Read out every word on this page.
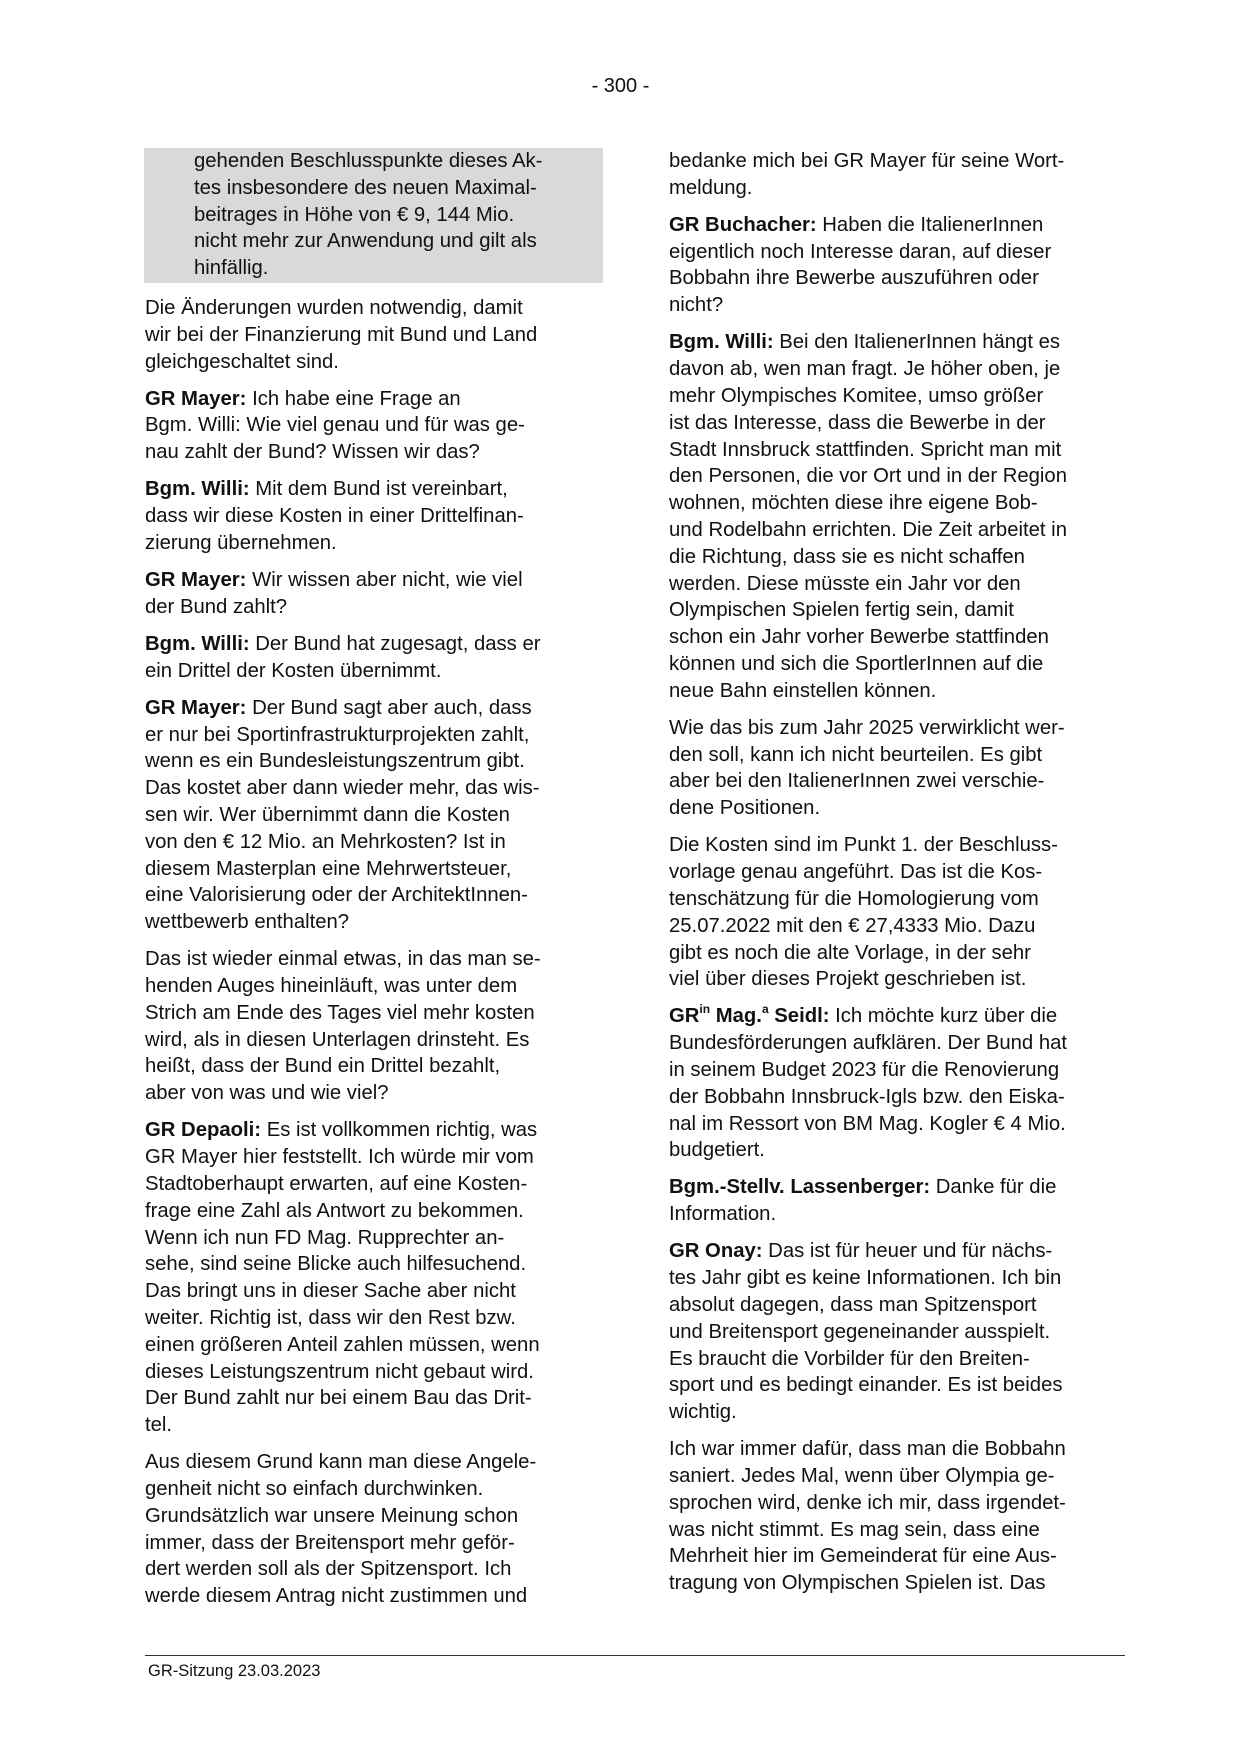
- 300 -
gehenden Beschlusspunkte dieses Ak-
tes insbesondere des neuen Maximal-
beitrages in Höhe von € 9, 144 Mio.
nicht mehr zur Anwendung und gilt als
hinfällig.

Die Änderungen wurden notwendig, damit
wir bei der Finanzierung mit Bund und Land
gleichgeschaltet sind.

GR Mayer: Ich habe eine Frage an
Bgm. Willi: Wie viel genau und für was ge-
nau zahlt der Bund? Wissen wir das?

Bgm. Willi: Mit dem Bund ist vereinbart,
dass wir diese Kosten in einer Drittelfinan-
zierung übernehmen.

GR Mayer: Wir wissen aber nicht, wie viel
der Bund zahlt?

Bgm. Willi: Der Bund hat zugesagt, dass er
ein Drittel der Kosten übernimmt.

GR Mayer: Der Bund sagt aber auch, dass
er nur bei Sportinfrastrukturprojekten zahlt,
wenn es ein Bundesleistungszentrum gibt.
Das kostet aber dann wieder mehr, das wis-
sen wir. Wer übernimmt dann die Kosten
von den € 12 Mio. an Mehrkosten? Ist in
diesem Masterplan eine Mehrwertsteuer,
eine Valorisierung oder der ArchitektInnen-
wettbewerb enthalten?

Das ist wieder einmal etwas, in das man se-
henden Auges hineinläuft, was unter dem
Strich am Ende des Tages viel mehr kosten
wird, als in diesen Unterlagen drinsteht. Es
heißt, dass der Bund ein Drittel bezahlt,
aber von was und wie viel?

GR Depaoli: Es ist vollkommen richtig, was
GR Mayer hier feststellt. Ich würde mir vom
Stadtoberhaupt erwarten, auf eine Kosten-
frage eine Zahl als Antwort zu bekommen.
Wenn ich nun FD Mag. Rupprechter an-
sehe, sind seine Blicke auch hilfesuchend.
Das bringt uns in dieser Sache aber nicht
weiter. Richtig ist, dass wir den Rest bzw.
einen größeren Anteil zahlen müssen, wenn
dieses Leistungszentrum nicht gebaut wird.
Der Bund zahlt nur bei einem Bau das Drit-
tel.

Aus diesem Grund kann man diese Angele-
genheit nicht so einfach durchwinken.
Grundsätzlich war unsere Meinung schon
immer, dass der Breitensport mehr geför-
dert werden soll als der Spitzensport. Ich
werde diesem Antrag nicht zustimmen und

bedanke mich bei GR Mayer für seine Wort-
meldung.

GR Buchacher: Haben die ItalienerInnen
eigentlich noch Interesse daran, auf dieser
Bobbahn ihre Bewerbe auszuführen oder
nicht?

Bgm. Willi: Bei den ItalienerInnen hängt es
davon ab, wen man fragt. Je höher oben, je
mehr Olympisches Komitee, umso größer
ist das Interesse, dass die Bewerbe in der
Stadt Innsbruck stattfinden. Spricht man mit
den Personen, die vor Ort und in der Region
wohnen, möchten diese ihre eigene Bob-
und Rodelbahn errichten. Die Zeit arbeitet in
die Richtung, dass sie es nicht schaffen
werden. Diese müsste ein Jahr vor den
Olympischen Spielen fertig sein, damit
schon ein Jahr vorher Bewerbe stattfinden
können und sich die SportlerInnen auf die
neue Bahn einstellen können.

Wie das bis zum Jahr 2025 verwirklicht wer-
den soll, kann ich nicht beurteilen. Es gibt
aber bei den ItalienerInnen zwei verschie-
dene Positionen.

Die Kosten sind im Punkt 1. der Beschluss-
vorlage genau angeführt. Das ist die Kos-
tenschätzung für die Homologierung vom
25.07.2022 mit den € 27,4333 Mio. Dazu
gibt es noch die alte Vorlage, in der sehr
viel über dieses Projekt geschrieben ist.

$GR^{in}$ Mag.$^a$ Seidl: Ich möchte kurz über die
Bundesförderungen aufklären. Der Bund hat
in seinem Budget 2023 für die Renovierung
der Bobbahn Innsbruck-Igls bzw. den Eiska-
nal im Ressort von BM Mag. Kogler € 4 Mio.
budgetiert.

Bgm.-Stellv. Lassenberger: Danke für die
Information.

GR Onay: Das ist für heuer und für nächs-
tes Jahr gibt es keine Informationen. Ich bin
absolut dagegen, dass man Spitzensport
und Breitensport gegeneinander ausspielt.
Es braucht die Vorbilder für den Breiten-
sport und es bedingt einander. Es ist beides
wichtig.

Ich war immer dafür, dass man die Bobbahn
saniert. Jedes Mal, wenn über Olympia ge-
sprochen wird, denke ich mir, dass irgendet-
was nicht stimmt. Es mag sein, dass eine
Mehrheit hier im Gemeinderat für eine Aus-
tragung von Olympischen Spielen ist. Das

GR-Sitzung 23.03.2023
